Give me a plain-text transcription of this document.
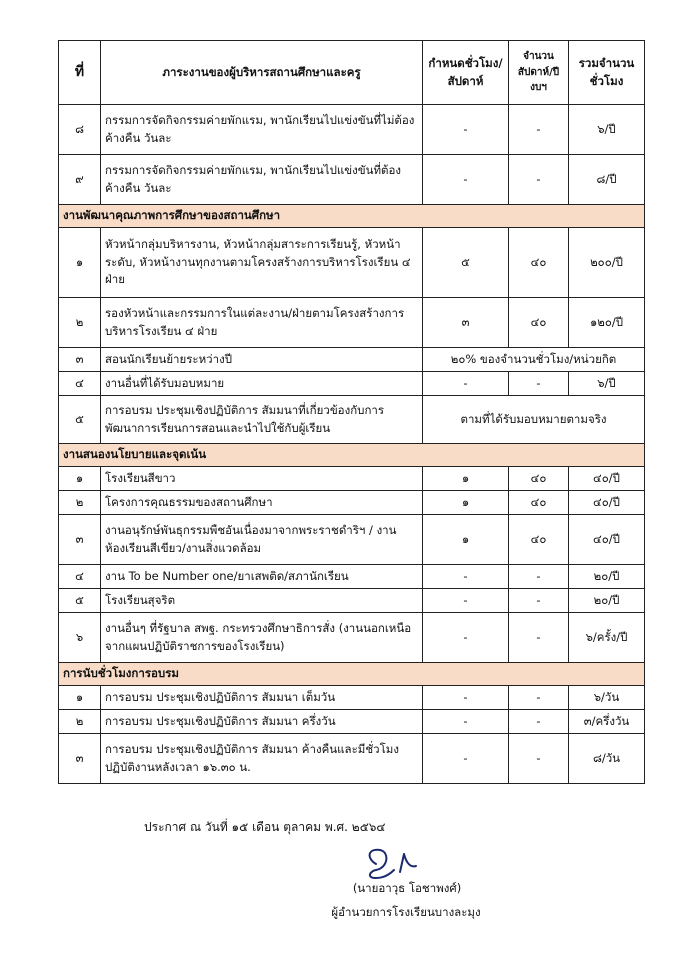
ที่	ภาระงานของผู้บริหารสถานศึกษาและครู	กำหนดชั่วโมง/สัปดาห์	จำนวนสัปดาห์/ปีงบฯ	รวมจำนวนชั่วโมง
๘	กรรมการจัดกิจกรรมค่ายพักแรม, พานักเรียนไปแข่งขันที่ไม่ต้องค้างคืน วันละ	-	-	๖/ปี
๙	กรรมการจัดกิจกรรมค่ายพักแรม, พานักเรียนไปแข่งขันที่ต้องค้างคืน วันละ	-	-	๘/ปี
งานพัฒนาคุณภาพการศึกษาของสถานศึกษา				
๑	หัวหน้ากลุ่มบริหารงาน, หัวหน้ากลุ่มสาระการเรียนรู้, หัวหน้าระดับ, หัวหน้างานทุกงานตามโครงสร้างการบริหารโรงเรียน ๔ ฝ่าย	๕	๔๐	๒๐๐/ปี
๒	รองหัวหน้าและกรรมการในแต่ละงาน/ฝ่ายตามโครงสร้างการบริหารโรงเรียน ๔ ฝ่าย	๓	๔๐	๑๒๐/ปี
๓	สอนนักเรียนย้ายระหว่างปี	๒๐% ของจำนวนชั่วโมง/หน่วยกิต		
๔	งานอื่นที่ได้รับมอบหมาย	-	-	๖/ปี
๕	การอบรม ประชุมเชิงปฏิบัติการ สัมมนาที่เกี่ยวข้องกับการพัฒนาการเรียนการสอนและนำไปใช้กับผู้เรียน	ตามที่ได้รับมอบหมายตามจริง		
งานสนองนโยบายและจุดเน้น				
๑	โรงเรียนสีขาว	๑	๔๐	๔๐/ปี
๒	โครงการคุณธรรมของสถานศึกษา	๑	๔๐	๔๐/ปี
๓	งานอนุรักษ์พันธุกรรมพืชอันเนื่องมาจากพระราชดำริฯ / งานห้องเรียนสีเขียว/งานสิ่งแวดล้อม	๑	๔๐	๔๐/ปี
๔	งาน To be Number one/ยาเสพติด/สภานักเรียน	-	-	๒๐/ปี
๕	โรงเรียนสุจริต	-	-	๒๐/ปี
๖	งานอื่นๆ ที่รัฐบาล สพฐ. กระทรวงศึกษาธิการสั่ง (งานนอกเหนือจากแผนปฏิบัติราชการของโรงเรียน)	-	-	๖/ครั้ง/ปี
การนับชั่วโมงการอบรม				
๑	การอบรม ประชุมเชิงปฏิบัติการ สัมมนา เต็มวัน	-	-	๖/วัน
๒	การอบรม ประชุมเชิงปฏิบัติการ สัมมนา ครึ่งวัน	-	-	๓/ครึ่งวัน
๓	การอบรม ประชุมเชิงปฏิบัติการ สัมมนา ค้างคืนและมีชั่วโมงปฏิบัติงานหลังเวลา ๑๖.๓๐ น.	-	-	๘/วัน
ประกาศ ณ วันที่ ๑๕ เดือน ตุลาคม พ.ศ. ๒๕๖๔
(นายอาวุธ โอชาพงศ์)
ผู้อำนวยการโรงเรียนบางละมุง
